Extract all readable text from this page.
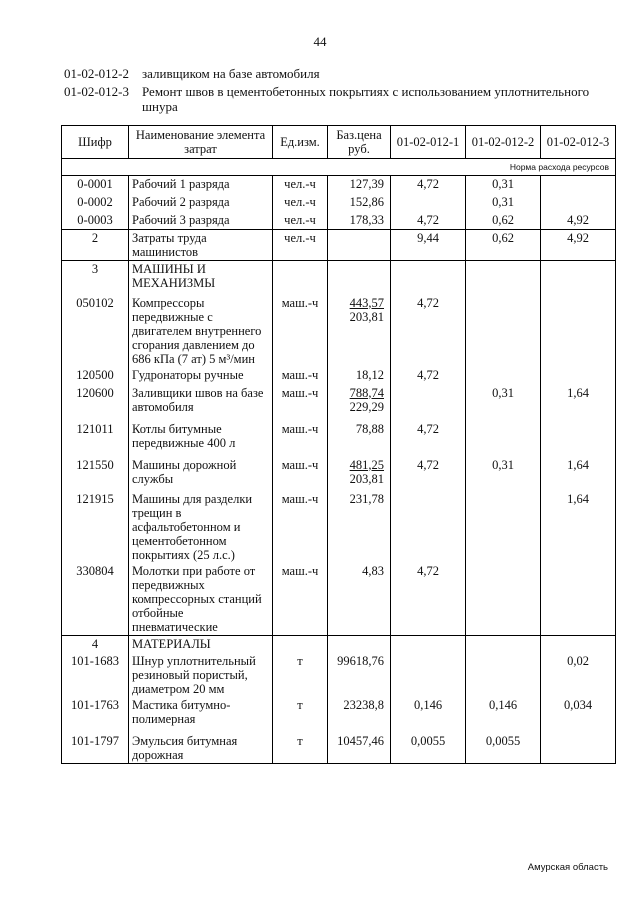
44
01-02-012-2 заливщиком на базе автомобиля
01-02-012-3 Ремонт швов в цементобетонных покрытиях с использованием уплотнительного шнура
Шифр	Наименование элемента затрат	Ед.изм.	Баз.цена руб.	01-02-012-1	01-02-012-2	01-02-012-3
Норма расхода ресурсов						
0-0001	Рабочий 1 разряда	чел.-ч	127,39	4,72	0,31	
0-0002	Рабочий 2 разряда	чел.-ч	152,86		0,31	
0-0003	Рабочий 3 разряда	чел.-ч	178,33	4,72	0,62	4,92
2	Затраты труда машинистов	чел.-ч		9,44	0,62	4,92
3	МАШИНЫ И МЕХАНИЗМЫ		

050102	Компрессоры передвижные с двигателем внутреннего сгорания давлением до 686 кПа (7 ат) 5 м³/мин	маш.-ч	443,57
203,81	4,72		
120500	Гудронаторы ручные	маш.-ч	18,12	4,72		
120600	Заливщики швов на базе автомобиля	маш.-ч	788,74
229,29		0,31	1,64
121011	Котлы битумные передвижные 400 л	маш.-ч	78,88	4,72		
121550	Машины дорожной службы	маш.-ч	481,25
203,81	4,72	0,31	1,64
121915	Машины для разделки трещин в асфальтобетонном и цементобетонном покрытиях (25 л.с.)	маш.-ч	231,78			1,64
330804	Молотки при работе от передвижных компрессорных станций отбойные пневматические	маш.-ч	4,83	4,72		
4	МАТЕРИАЛЫ		

101-1683	Шнур уплотнительный резиновый пористый, диаметром 20 мм	т	99618,76			0,02
101-1763	Мастика битумно-полимерная	т	23238,8	0,146	0,146	0,034
101-1797	Эмульсия битумная дорожная	т	10457,46	0,0055	0,0055	
Амурская область
